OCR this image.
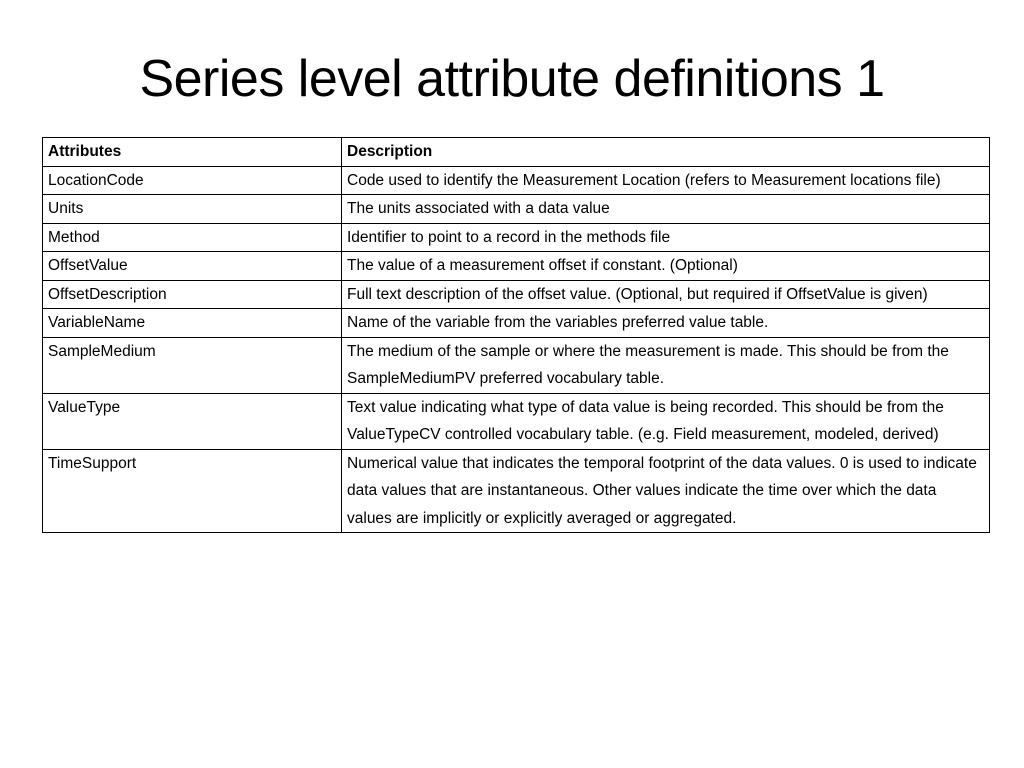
Series level attribute definitions 1
Attributes	Description
LocationCode	Code used to identify the Measurement Location (refers to Measurement locations file)
Units	The units associated with a data value
Method	Identifier to point to a record in the methods file
OffsetValue	The value of a measurement offset if constant. (Optional)
OffsetDescription	Full text description of the offset value. (Optional, but required if OffsetValue is given)
VariableName	Name of the variable from the variables preferred value table.
SampleMedium	The medium of the sample or where the measurement is made. This should be from the SampleMediumPV preferred vocabulary table.
ValueType	Text value indicating what type of data value is being recorded. This should be from the ValueTypeCV controlled vocabulary table. (e.g. Field measurement, modeled, derived)
TimeSupport	Numerical value that indicates the temporal footprint of the data values. 0 is used to indicate data values that are instantaneous. Other values indicate the time over which the data values are implicitly or explicitly averaged or aggregated.
